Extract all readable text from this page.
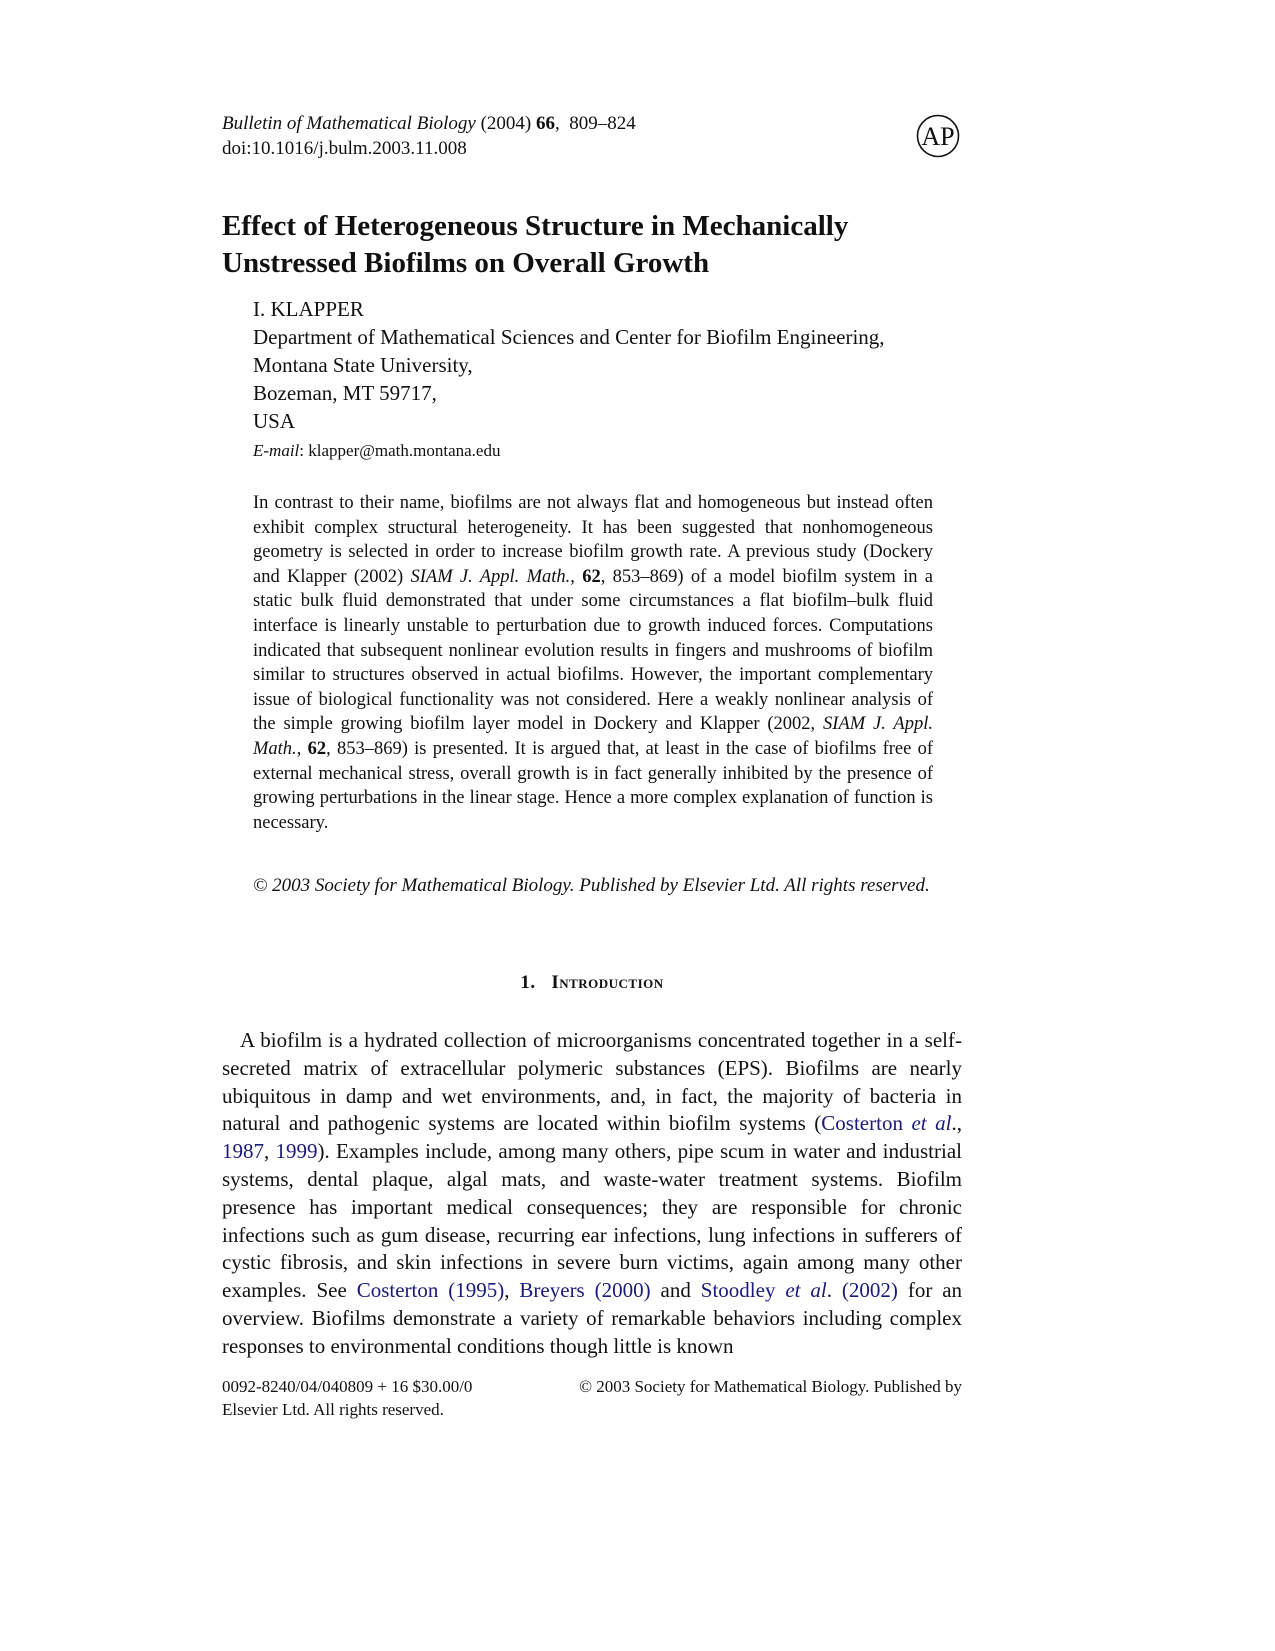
Bulletin of Mathematical Biology (2004) 66,  809–824
doi:10.1016/j.bulm.2003.11.008	AP
Effect of Heterogeneous Structure in Mechanically
Unstressed Biofilms on Overall Growth
I. KLAPPER
Department of Mathematical Sciences and Center for Biofilm Engineering,
Montana State University,
Bozeman, MT 59717,
USA
E-mail: klapper@math.montana.edu
In contrast to their name, biofilms are not always flat and homogeneous but instead often exhibit complex structural heterogeneity. It has been suggested that nonhomogeneous geometry is selected in order to increase biofilm growth rate. A previous study (Dockery and Klapper (2002) SIAM J. Appl. Math., 62, 853–869) of a model biofilm system in a static bulk fluid demonstrated that under some circumstances a flat biofilm–bulk fluid interface is linearly unstable to perturbation due to growth induced forces. Computations indicated that subsequent nonlinear evolution results in fingers and mushrooms of biofilm similar to structures observed in actual biofilms. However, the important complementary issue of biological functionality was not considered. Here a weakly nonlinear analysis of the simple growing biofilm layer model in Dockery and Klapper (2002, SIAM J. Appl. Math., 62, 853–869) is presented. It is argued that, at least in the case of biofilms free of external mechanical stress, overall growth is in fact generally inhibited by the presence of growing perturbations in the linear stage. Hence a more complex explanation of function is necessary.
© 2003 Society for Mathematical Biology. Published by Elsevier Ltd. All rights reserved.
1. Introduction
A biofilm is a hydrated collection of microorganisms concentrated together in a self-secreted matrix of extracellular polymeric substances (EPS). Biofilms are nearly ubiquitous in damp and wet environments, and, in fact, the majority of bacteria in natural and pathogenic systems are located within biofilm systems (Costerton et al., 1987, 1999). Examples include, among many others, pipe scum in water and industrial systems, dental plaque, algal mats, and waste-water treatment systems. Biofilm presence has important medical consequences; they are responsible for chronic infections such as gum disease, recurring ear infections, lung infections in sufferers of cystic fibrosis, and skin infections in severe burn victims, again among many other examples. See Costerton (1995), Breyers (2000) and Stoodley et al. (2002) for an overview. Biofilms demonstrate a variety of remarkable behaviors including complex responses to environmental conditions though little is known
0092-8240/04/040809 + 16 $30.00/0	© 2003 Society for Mathematical Biology. Published by
Elsevier Ltd. All rights reserved.
